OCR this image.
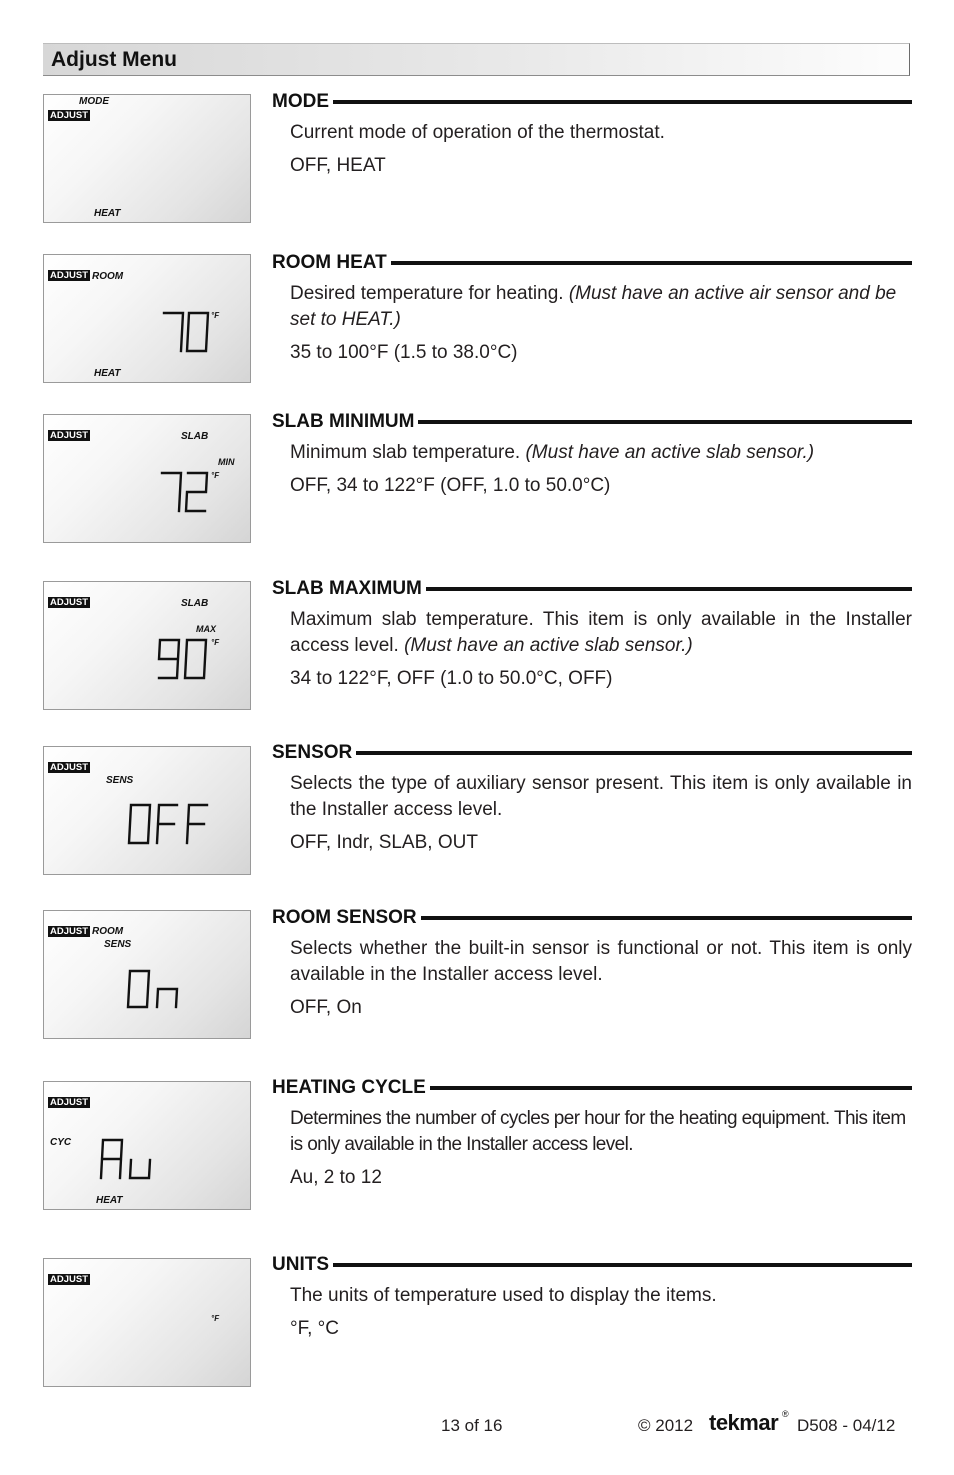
Adjust Menu
MODE
ADJUST
HEAT
ADJUST ROOM
°F
HEAT
ADJUST	SLAB
MIN
°F
ADJUST	SLAB
MAX
°F
ADJUST
SENS
ADJUST ROOM
SENS
ADJUST
CYC
HEAT
ADJUST
°F
MODE

Current mode of operation of the thermostat.

OFF, HEAT

ROOM HEAT

Desired temperature for heating. (Must have an active air sensor and be set to HEAT.)

35 to 100°F (1.5 to 38.0°C)

SLAB MINIMUM

Minimum slab temperature. (Must have an active slab sensor.)

OFF, 34 to 122°F (OFF, 1.0 to 50.0°C)

SLAB MAXIMUM

Maximum slab temperature. This item is only available in the Installer access level. (Must have an active slab sensor.)

34 to 122°F, OFF (1.0 to 50.0°C, OFF)

SENSOR

Selects the type of auxiliary sensor present. This item is only available in the Installer access level.

OFF, Indr, SLAB, OUT

ROOM SENSOR

Selects whether the built-in sensor is functional or not. This item is only available in the Installer access level.

OFF, On

HEATING CYCLE

Determines the number of cycles per hour for the heating equipment. This item is only available in the Installer access level.

Au, 2 to 12

UNITS

The units of temperature used to display the items.

°F, °C

13 of 16	© 2012 tekmar ®
D508 - 04/12
